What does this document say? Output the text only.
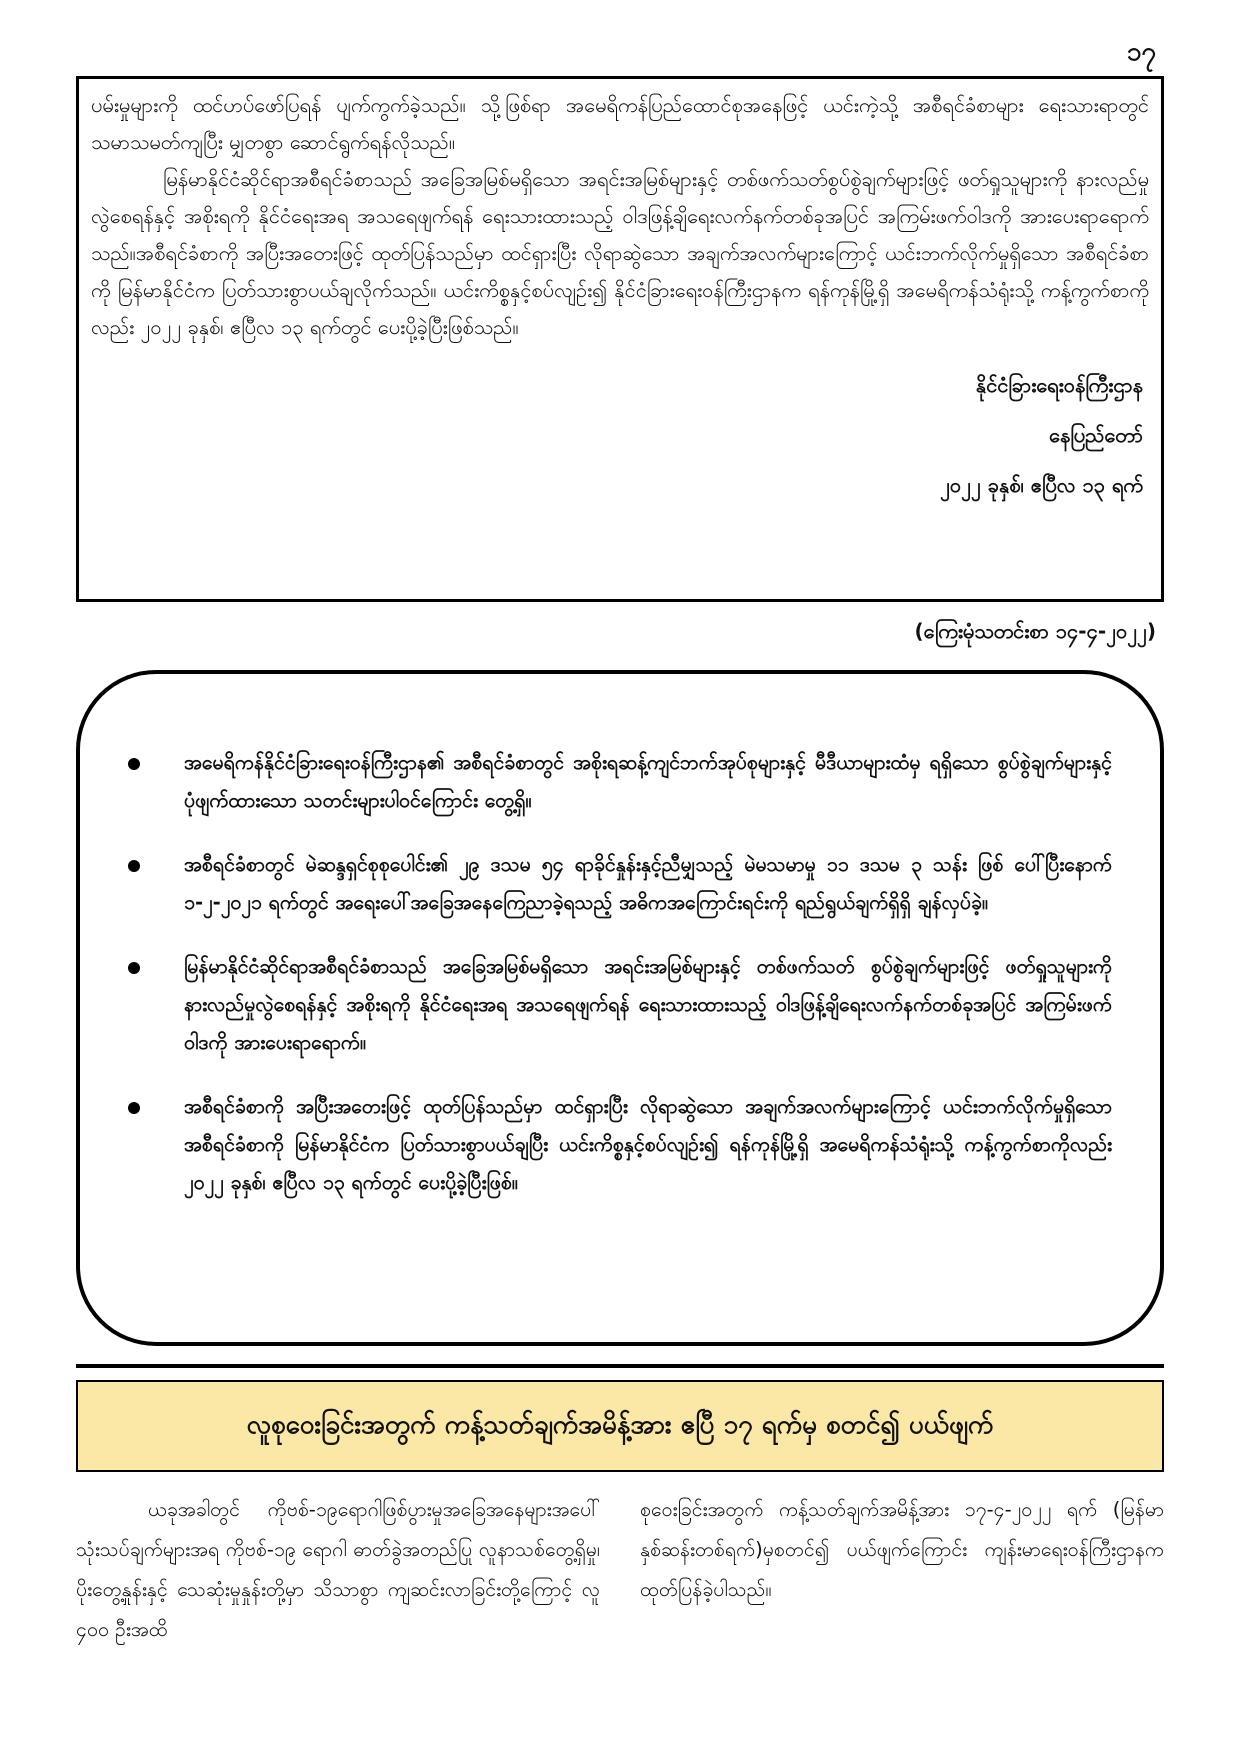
၁၇

ပမ်းမှုများကို ထင်ဟပ်ဖော်ပြရန် ပျက်ကွက်ခဲ့သည်။ သို့ဖြစ်ရာ အမေရိကန်ပြည်ထောင်စုအနေဖြင့် ယင်းကဲ့သို့ အစီရင်ခံစာများ ရေးသားရာတွင် သမာသမတ်ကျပြီး မျှတစွာ ဆောင်ရွက်ရန်လိုသည်။

မြန်မာနိုင်ငံဆိုင်ရာအစီရင်ခံစာသည် အခြေအမြစ်မရှိသော အရင်းအမြစ်များနှင့် တစ်ဖက်သတ်စွပ်စွဲချက်များဖြင့် ဖတ်ရှုသူများကို နားလည်မှုလွဲစေရန်နှင့် အစိုးရကို နိုင်ငံရေးအရ အသရေဖျက်ရန် ရေးသားထားသည့် ဝါဒဖြန့်ချိရေးလက်နက်တစ်ခုအပြင် အကြမ်းဖက်ဝါဒကို အားပေးရာရောက်သည်။အစီရင်ခံစာကို အပြီးအတေးဖြင့် ထုတ်ပြန်သည်မှာ ထင်ရှားပြီး လိုရာဆွဲသော အချက်အလက်များကြောင့် ယင်းဘက်လိုက်မှုရှိသော အစီရင်ခံစာကို မြန်မာနိုင်ငံက ပြတ်သားစွာပယ်ချလိုက်သည်။ ယင်းကိစ္စနှင့်စပ်လျဉ်း၍ နိုင်ငံခြားရေးဝန်ကြီးဌာနက ရန်ကုန်မြို့ရှိ အမေရိကန်သံရုံးသို့ ကန့်ကွက်စာကိုလည်း ၂၀၂၂ ခုနှစ်၊ ဧပြီလ ၁၃ ရက်တွင် ပေးပို့ခဲ့ပြီးဖြစ်သည်။

နိုင်ငံခြားရေးဝန်ကြီးဌာန
နေပြည်တော်
၂၀၂၂ ခုနှစ်၊ ဧပြီလ ၁၃ ရက်
(ကြေးမုံသတင်းစာ ၁၄-၄-၂၀၂၂)
အမေရိကန်နိုင်ငံခြားရေးဝန်ကြီးဌာန၏ အစီရင်ခံစာတွင် အစိုးရဆန့်ကျင်ဘက်အုပ်စုများနှင့် မီဒီယာများထံမှ ရရှိသော စွပ်စွဲချက်များနှင့် ပုံဖျက်ထားသော သတင်းများပါဝင်ကြောင်း တွေ့ရှိ။
အစီရင်ခံစာတွင် မဲဆန္ဒရှင်စုစုပေါင်း၏ ၂၉ ဒသမ ၅၄ ရာခိုင်နှုန်းနှင့်ညီမျှသည့် မဲမသမာမှု ၁၁ ဒသမ ၃ သန်း ဖြစ် ပေါ်ပြီးနောက် ၁-၂-၂၀၂၁ ရက်တွင် အရေးပေါ်အခြေအနေကြေညာခဲ့ရသည့် အဓိကအကြောင်းရင်းကို ရည်ရွယ်ချက်ရှိရှိ ချန်လှပ်ခဲ့။
မြန်မာနိုင်ငံဆိုင်ရာအစီရင်ခံစာသည် အခြေအမြစ်မရှိသော အရင်းအမြစ်များနှင့် တစ်ဖက်သတ် စွပ်စွဲချက်များဖြင့် ဖတ်ရှုသူများကို နားလည်မှုလွဲစေရန်နှင့် အစိုးရကို နိုင်ငံရေးအရ အသရေဖျက်ရန် ရေးသားထားသည့် ဝါဒဖြန့်ချိရေးလက်နက်တစ်ခုအပြင် အကြမ်းဖက်ဝါဒကို အားပေးရာရောက်။
အစီရင်ခံစာကို အပြီးအတေးဖြင့် ထုတ်ပြန်သည်မှာ ထင်ရှားပြီး လိုရာဆွဲသော အချက်အလက်များကြောင့် ယင်းဘက်လိုက်မှုရှိသော အစီရင်ခံစာကို မြန်မာနိုင်ငံက ပြတ်သားစွာပယ်ချပြီး ယင်းကိစ္စနှင့်စပ်လျဉ်း၍ ရန်ကုန်မြို့ရှိ အမေရိကန်သံရုံးသို့ ကန့်ကွက်စာကိုလည်း ၂၀၂၂ ခုနှစ်၊ ဧပြီလ ၁၃ ရက်တွင် ပေးပို့ခဲ့ပြီးဖြစ်။
လူစုဝေးခြင်းအတွက် ကန့်သတ်ချက်အမိန့်အား ဧပြီ ၁၇ ရက်မှ စတင်၍ ပယ်ဖျက်

ယခုအခါတွင် ကိုဗစ်-၁၉ရောဂါဖြစ်ပွားမှုအခြေအနေများအပေါ် သုံးသပ်ချက်များအရ ကိုဗစ်-၁၉ ရောဂါ ဓာတ်ခွဲအတည်ပြု လူနာသစ်တွေ့ရှိမှု၊ ပိုးတွေ့နှုန်းနှင့် သေဆုံးမှုနှုန်းတို့မှာ သိသာစွာ ကျဆင်းလာခြင်းတို့ကြောင့် လူ ၄၀၀ ဦးအထိ

စုဝေးခြင်းအတွက် ကန့်သတ်ချက်အမိန့်အား ၁၇-၄-၂၀၂၂ ရက် (မြန်မာနှစ်ဆန်းတစ်ရက်)မှစတင်၍ ပယ်ဖျက်ကြောင်း ကျန်းမာရေးဝန်ကြီးဌာနက ထုတ်ပြန်ခဲ့ပါသည်။
